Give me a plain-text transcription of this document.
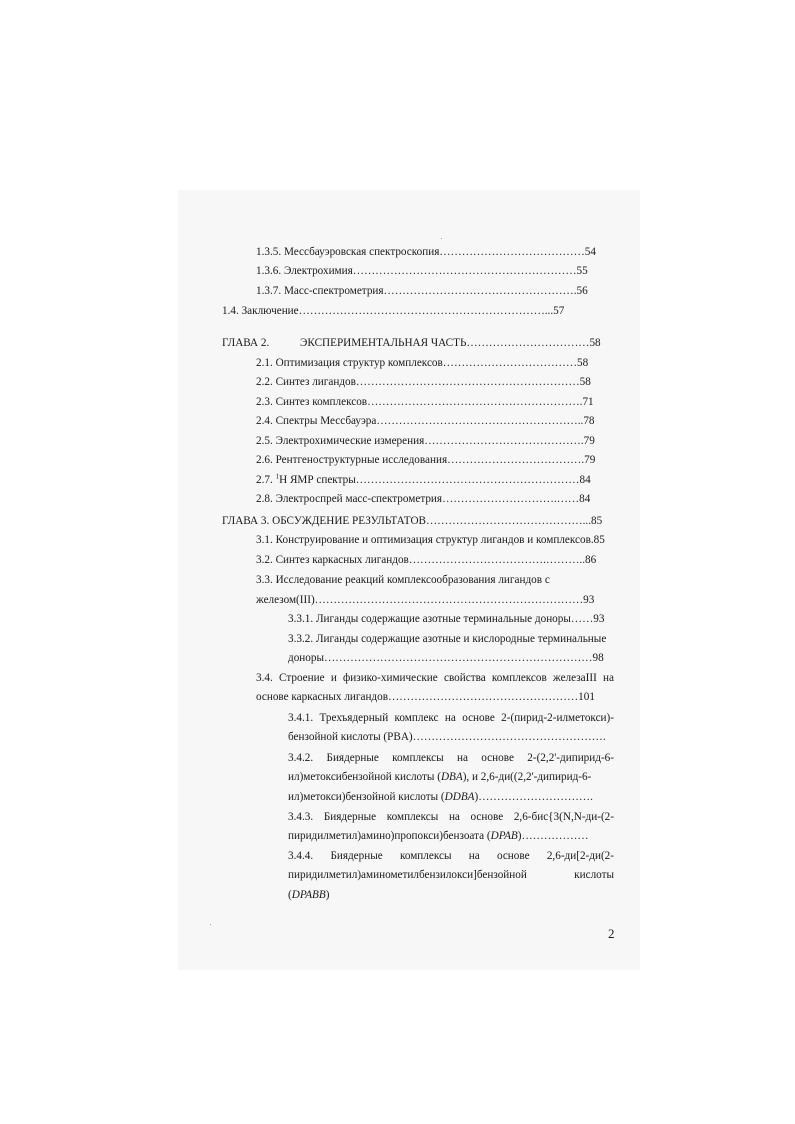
1.3.5. Мессбауэровская спектроскопия…………………………………54
1.3.6. Электрохимия……………………………………………………55
1.3.7. Масс-спектрометрия…………………………………………….56
1.4. Заключение…………………………………………………………...57
ГЛАВА 2.	ЭКСПЕРИМЕНТАЛЬНАЯ ЧАСТЬ……………………………58
2.1. Оптимизация структур комплексов………………………………58
2.2. Синтез лигандов……………………………………………………58
2.3. Синтез комплексов………………………………………………….71
2.4. Спектры Мессбауэра………………………………………………..78
2.5. Электрохимические измерения…………………………………….79
2.6. Рентгеноструктурные исследования……………………………….79
2.7. $^1$Н ЯМР спектры……………………………………………………84
2.8. Электроспрей масс-спектрометрия………………………….……84
ГЛАВА 3. ОБСУЖДЕНИЕ РЕЗУЛЬТАТОВ……………………………………...85
3.1. Конструирование и оптимизация структур лигандов и комплексов.85
3.2. Синтез каркасных лигандов……………………………….………..86
3.3. Исследование реакций комплексообразования лигандов с
железом(III)………………………………………………………………93
3.3.1. Лиганды содержащие азотные терминальные доноры……93
3.3.2. Лиганды содержащие азотные и кислородные терминальные
доноры………………………………………………………………98
3.4. Строение и физико-химические свойства комплексов железаIII на
основе каркасных лигандов……………………………………………101
3.4.1. Трехъядерный комплекс на основе 2-(пирид-2-илметокси)-
бензойной кислоты (PBA)…………………………………………….
3.4.2. Биядерные комплексы на основе 2-(2,2'-дипирид-6-
ил)метоксибензойной кислоты (DBA), и 2,6-ди((2,2'-дипирид-6-
ил)метокси)бензойной кислоты (DDBA)………………………….
3.4.3. Биядерные комплексы на основе 2,6-бис{3(N,N-ди-(2-
пиридилметил)амино)пропокси)бензоата (DPAB)………………
3.4.4. Биядерные комплексы на основе 2,6-ди[2-ди(2-
пиридилметил)аминометилбензилокси]бензойной кислоты
(DPABB)
2
